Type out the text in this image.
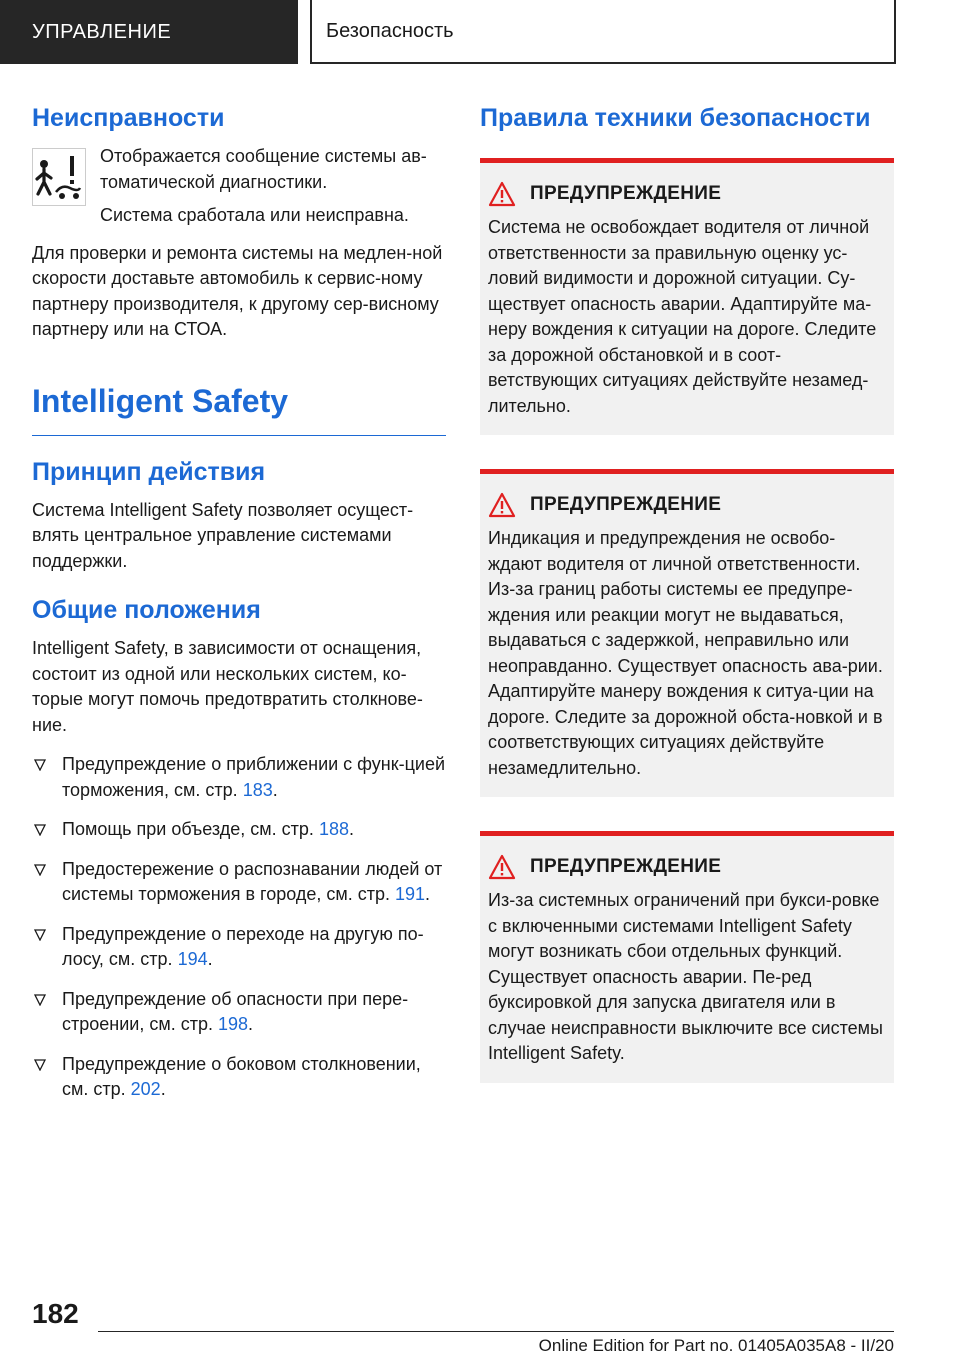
УПРАВЛЕНИЕ	Безопасность
Неисправности

Отображается сообщение системы ав-томатической диагностики.

Система сработала или неисправна.

Для проверки и ремонта системы на медлен-ной скорости доставьте автомобиль к сервис-ному партнеру производителя, к другому сер-висному партнеру или на СТОА.

Intelligent Safety
Принцип действия

Система Intelligent Safety позволяет осущест-влять центральное управление системами поддержки.

Общие положения

Intelligent Safety, в зависимости от оснащения, состоит из одной или нескольких систем, ко-торые могут помочь предотвратить столкнове-ние.

Предупреждение о приближении с функ-цией торможения, см. стр. 183.
Помощь при объезде, см. стр. 188.
Предостережение о распознавании людей от системы торможения в городе, см. стр. 191.
Предупреждение о переходе на другую по-лосу, см. стр. 194.
Предупреждение об опасности при пере-строении, см. стр. 198.
Предупреждение о боковом столкновении, см. стр. 202.
Правила техники безопасности
ПРЕДУПРЕЖДЕНИЕ
Система не освобождает водителя от личной ответственности за правильную оценку ус-ловий видимости и дорожной ситуации. Су-ществует опасность аварии. Адаптируйте ма-неру вождения к ситуации на дороге. Следите за дорожной обстановкой и в соот-ветствующих ситуациях действуйте незамед-лительно.
ПРЕДУПРЕЖДЕНИЕ
Индикация и предупреждения не освобо-ждают водителя от личной ответственности. Из-за границ работы системы ее предупре-ждения или реакции могут не выдаваться, выдаваться с задержкой, неправильно или неоправданно. Существует опасность ава-рии. Адаптируйте манеру вождения к ситуа-ции на дороге. Следите за дорожной обста-новкой и в соответствующих ситуациях действуйте незамедлительно.
ПРЕДУПРЕЖДЕНИЕ
Из-за системных ограничений при букси-ровке с включенными системами Intelligent Safety могут возникать сбои отдельных функций. Существует опасность аварии. Пе-ред буксировкой для запуска двигателя или в случае неисправности выключите все системы Intelligent Safety.
182
Online Edition for Part no. 01405A035A8 - II/20
